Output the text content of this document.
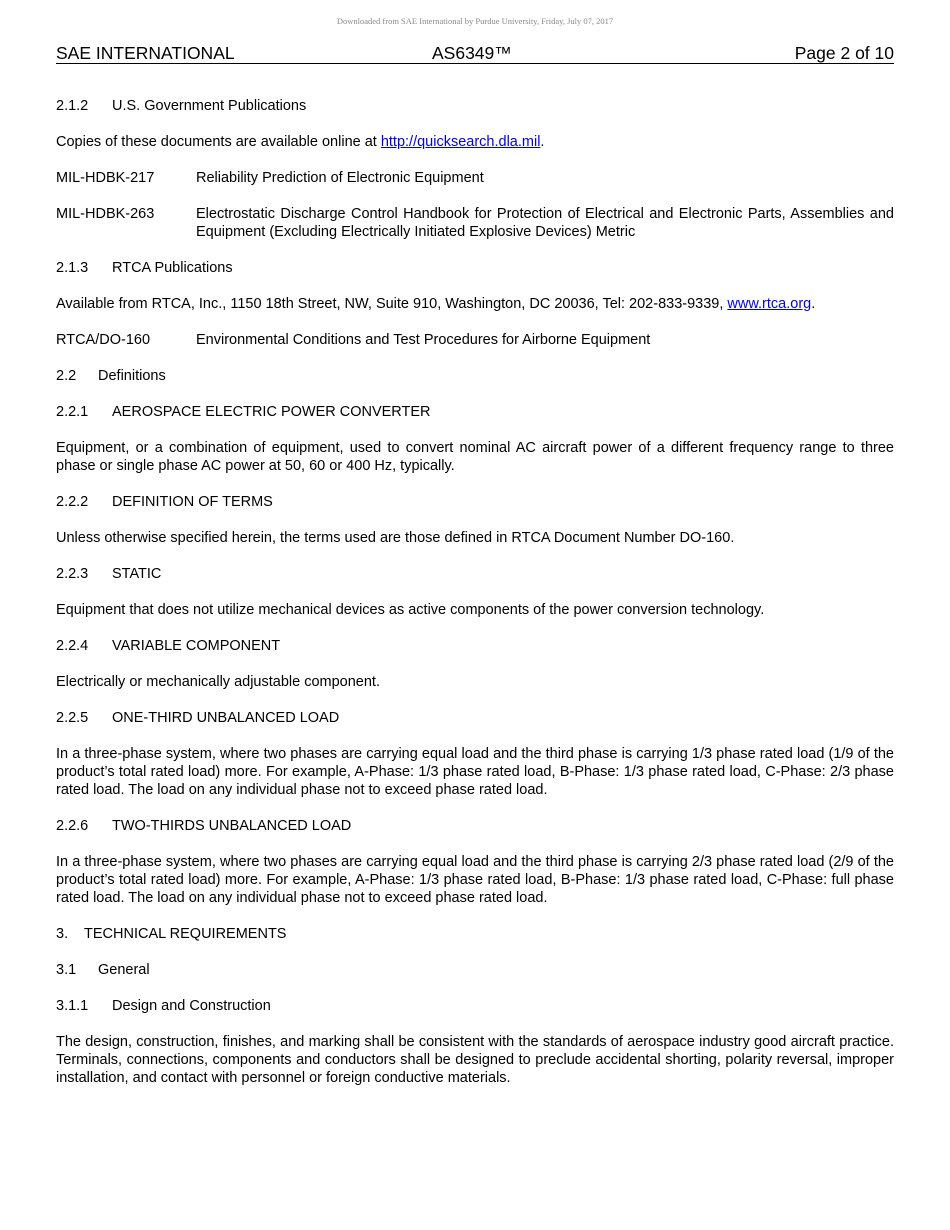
Downloaded from SAE International by Purdue University, Friday, July 07, 2017
SAE INTERNATIONAL	AS6349™	Page 2 of 10
2.1.2 U.S. Government Publications
Copies of these documents are available online at http://quicksearch.dla.mil.
MIL-HDBK-217	Reliability Prediction of Electronic Equipment
MIL-HDBK-263	Electrostatic Discharge Control Handbook for Protection of Electrical and Electronic Parts, Assemblies and Equipment (Excluding Electrically Initiated Explosive Devices) Metric
2.1.3 RTCA Publications
Available from RTCA, Inc., 1150 18th Street, NW, Suite 910, Washington, DC 20036, Tel: 202-833-9339, www.rtca.org.
RTCA/DO-160	Environmental Conditions and Test Procedures for Airborne Equipment
2.2 Definitions
2.2.1 AEROSPACE ELECTRIC POWER CONVERTER
Equipment, or a combination of equipment, used to convert nominal AC aircraft power of a different frequency range to three phase or single phase AC power at 50, 60 or 400 Hz, typically.
2.2.2 DEFINITION OF TERMS
Unless otherwise specified herein, the terms used are those defined in RTCA Document Number DO-160.
2.2.3 STATIC
Equipment that does not utilize mechanical devices as active components of the power conversion technology.
2.2.4 VARIABLE COMPONENT
Electrically or mechanically adjustable component.
2.2.5 ONE-THIRD UNBALANCED LOAD
In a three-phase system, where two phases are carrying equal load and the third phase is carrying 1/3 phase rated load (1/9 of the product’s total rated load) more. For example, A-Phase: 1/3 phase rated load, B-Phase: 1/3 phase rated load, C-Phase: 2/3 phase rated load. The load on any individual phase not to exceed phase rated load.
2.2.6 TWO-THIRDS UNBALANCED LOAD
In a three-phase system, where two phases are carrying equal load and the third phase is carrying 2/3 phase rated load (2/9 of the product’s total rated load) more. For example, A-Phase: 1/3 phase rated load, B-Phase: 1/3 phase rated load, C-Phase: full phase rated load. The load on any individual phase not to exceed phase rated load.
3. TECHNICAL REQUIREMENTS
3.1 General
3.1.1 Design and Construction
The design, construction, finishes, and marking shall be consistent with the standards of aerospace industry good aircraft practice. Terminals, connections, components and conductors shall be designed to preclude accidental shorting, polarity reversal, improper installation, and contact with personnel or foreign conductive materials.
